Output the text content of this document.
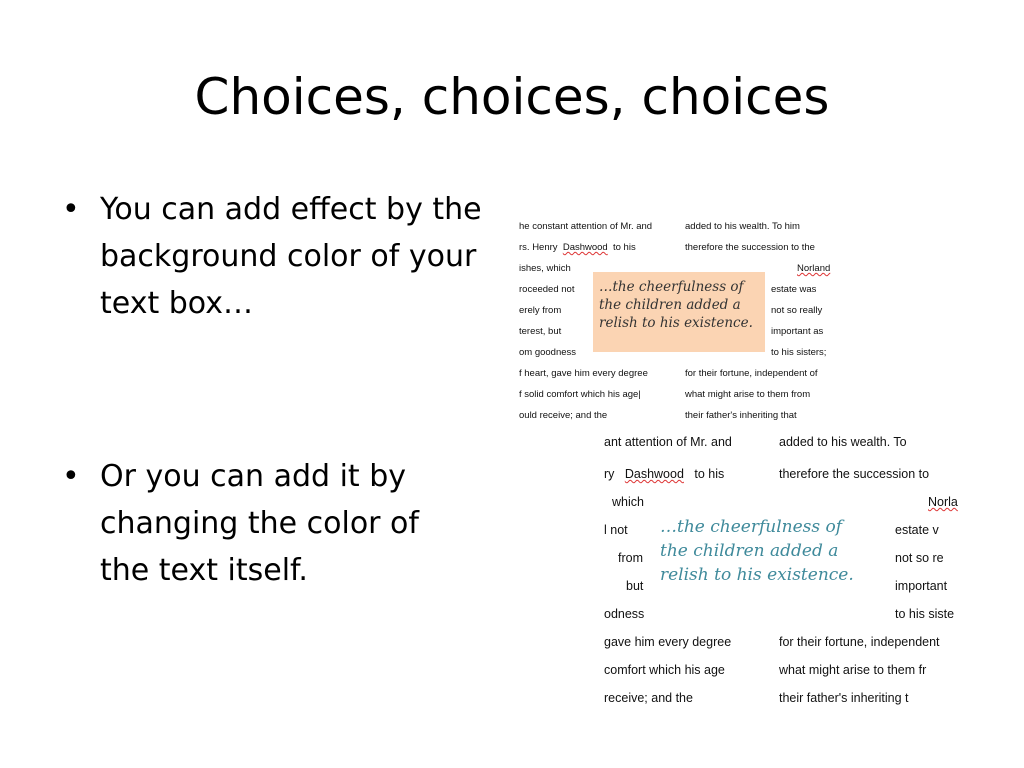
Choices, choices, choices
• You can add effect by the background color of your text box…
• Or you can add it by changing the color of the text itself.
he constant attention of Mr. and
rs. Henry Dashwood to his
ishes, which
roceeded not
erely from
terest, but
om goodness
f heart, gave him every degree
f solid comfort which his age|
ould receive; and the
added to his wealth. To him
therefore the succession to the
Norland
estate was
not so really
important as
to his sisters;
for their fortune, independent of
what might arise to them from
their father's inheriting that
…the cheerfulness of
the children added a
relish to his existence.
ant attention of Mr. and
ry Dashwood to his
which
l not
from
but
odness
gave him every degree
comfort which his age
receive; and the
added to his wealth. To
therefore the succession to
Norla
estate v
not so re
important
to his siste
for their fortune, independent
what might arise to them fr
their father's inheriting t
…the cheerfulness of
the children added a
relish to his existence.
